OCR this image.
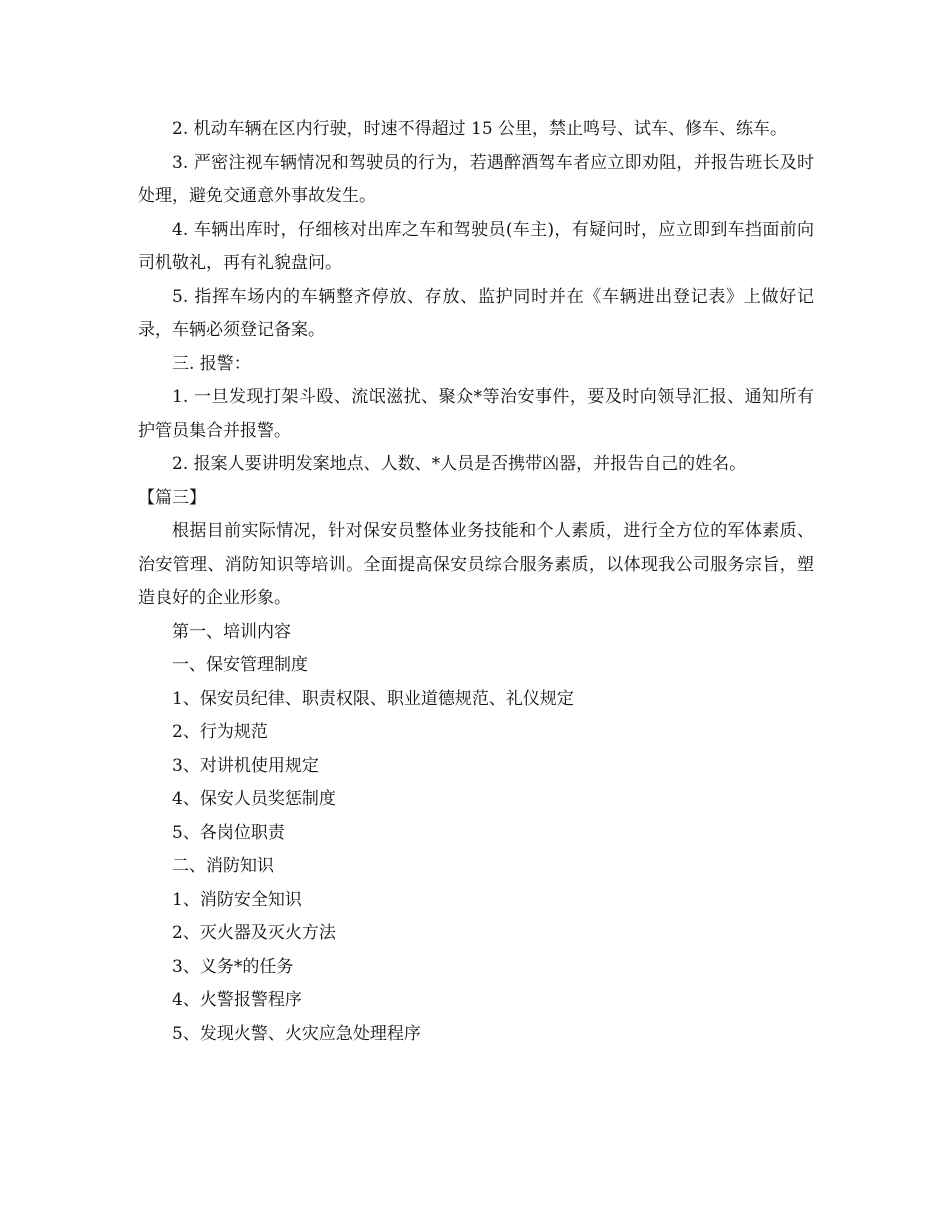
2. 机动车辆在区内行驶，时速不得超过 15 公里，禁止鸣号、试车、修车、练车。

3. 严密注视车辆情况和驾驶员的行为，若遇醉酒驾车者应立即劝阻，并报告班长及时处理，避免交通意外事故发生。

4. 车辆出库时，仔细核对出库之车和驾驶员(车主)，有疑问时，应立即到车挡面前向司机敬礼，再有礼貌盘问。

5. 指挥车场内的车辆整齐停放、存放、监护同时并在《车辆进出登记表》上做好记录，车辆必须登记备案。

三. 报警：

1. 一旦发现打架斗殴、流氓滋扰、聚众*等治安事件，要及时向领导汇报、通知所有护管员集合并报警。

2. 报案人要讲明发案地点、人数、*人员是否携带凶器，并报告自己的姓名。

【篇三】

根据目前实际情况，针对保安员整体业务技能和个人素质，进行全方位的军体素质、治安管理、消防知识等培训。全面提高保安员综合服务素质，以体现我公司服务宗旨，塑造良好的企业形象。

第一、培训内容

一、保安管理制度

1、保安员纪律、职责权限、职业道德规范、礼仪规定

2、行为规范

3、对讲机使用规定

4、保安人员奖惩制度

5、各岗位职责

二、消防知识

1、消防安全知识

2、灭火器及灭火方法

3、义务*的任务

4、火警报警程序

5、发现火警、火灾应急处理程序
